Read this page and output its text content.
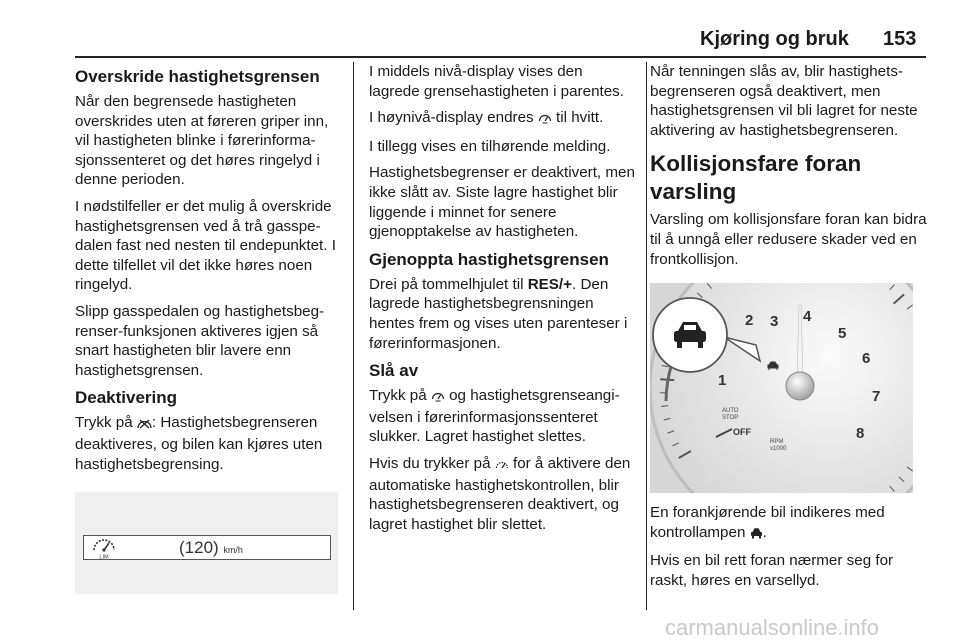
Kjøring og bruk 153
Overskride hastighetsgrensen

Når den begrensede hastigheten overskrides uten at føreren griper inn, vil hastigheten blinke i førerinformasjonssenteret og det høres ringelyd i denne perioden.

I nødstilfeller er det mulig å overskride hastighetsgrensen ved å trå gasspedalen fast ned nesten til endepunktet. I dette tilfellet vil det ikke høres noen ringelyd.

Slipp gasspedalen og hastighetsbegrenser-funksjonen aktiveres igjen så snart hastigheten blir lavere enn hastighetsgrensen.

Deaktivering

Trykk på : Hastighetsbegrenseren deaktiveres, og bilen kan kjøres uten hastighetsbegrensing.

LIM
(120) km/h

I middels nivå-display vises den lagrede grensehastigheten i parentes.

I høynivå-display endres  til hvitt.

I tillegg vises en tilhørende melding.

Hastighetsbegrenser er deaktivert, men ikke slått av. Siste lagre hastighet blir liggende i minnet for senere gjenopptakelse av hastigheten.

Gjenoppta hastighetsgrensen

Drei på tommelhjulet til RES/+. Den lagrede hastighetsbegrensningen hentes frem og vises uten parenteser i førerinformasjonen.

Slå av

Trykk på  og hastighetsgrenseangivelsen i førerinformasjonssenteret slukker. Lagret hastighet slettes.

Hvis du trykker på  for å aktivere den automatiske hastighetskontrollen, blir hastighetsbegrenseren deaktivert, og lagret hastighet blir slettet.

Når tenningen slås av, blir hastighetsbegrenseren også deaktivert, men hastighetsgrensen vil bli lagret for neste aktivering av hastighetsbegrenseren.

Kollisjonsfare foran varsling

Varsling om kollisjonsfare foran kan bidra til å unngå eller redusere skader ved en frontkollisjon.

1
2 3 4
5
6
7
8
AUTO
STOP
OFF
RPM
x1000

En forankjørende bil indikeres med kontrollampen .

Hvis en bil rett foran nærmer seg for raskt, høres en varsellyd.

carmanualsonline.info
